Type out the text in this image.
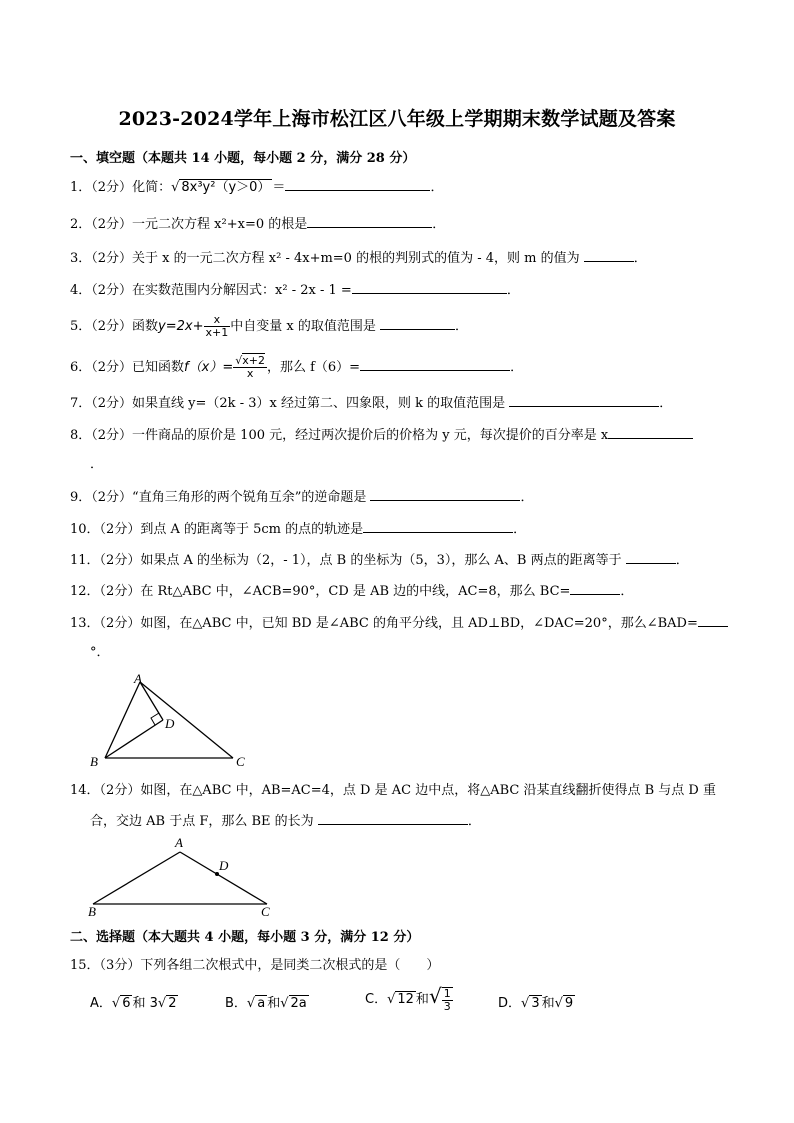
2023-2024学年上海市松江区八年级上学期期末数学试题及答案
一、填空题（本题共 14 小题，每小题 2 分，满分 28 分）
1．（2分）化简：√ 8x³y²（y＞0） ＝	．
2．（2分）一元二次方程 x²+x=0 的根是	．
3．（2分）关于 x 的一元二次方程 x² - 4x+m=0 的根的判别式的值为 - 4，则 m 的值为	．
4．（2分）在实数范围内分解因式：x² - 2x - 1 =	．
5．（2分）函数$y=2x+ \frac{x}{x+1}$ 中自变量 x 的取值范围是	．
6．（2分）已知函数$f(x)= \frac{√x+2}{x}$ ，那么 f（6）=	．
7．（2分）如果直线 y=（2k - 3）x 经过第二、四象限，则 k 的取值范围是	．
8．（2分）一件商品的原价是 100 元，经过两次提价后的价格为 y 元，每次提价的百分率是 x
．
9．（2分）“直角三角形的两个锐角互余”的逆命题是	．
10．（2分）到点 A 的距离等于 5cm 的点的轨迹是	．
11．（2分）如果点 A 的坐标为（2，- 1），点 B 的坐标为（5，3），那么 A、B 两点的距离等于	．
12．（2分）在 Rt△ABC 中，∠ACB=90°，CD 是 AB 边的中线，AC=8，那么 BC=	．
13．（2分）如图，在△ABC 中，已知 BD 是∠ABC 的角平分线，且 AD⊥BD，∠DAC=20°，那么∠BAD=
°．
A
B	C
D
14．（2分）如图，在△ABC 中，AB=AC=4，点 D 是 AC 边中点，将△ABC 沿某直线翻折使得点 B 与点 D 重
合，交边 AB 于点 F，那么 BE 的长为	．
A
B	C
D
二、选择题（本大题共 4 小题，每小题 3 分，满分 12 分）
15．（3分）下列各组二次根式中，是同类二次根式的是（　　）
A．√ 6 和 3√ 2	B．√ a 和√ 2a	C．√ 12 和√ $\frac{1}{3}$	D．√ 3 和√ 9
